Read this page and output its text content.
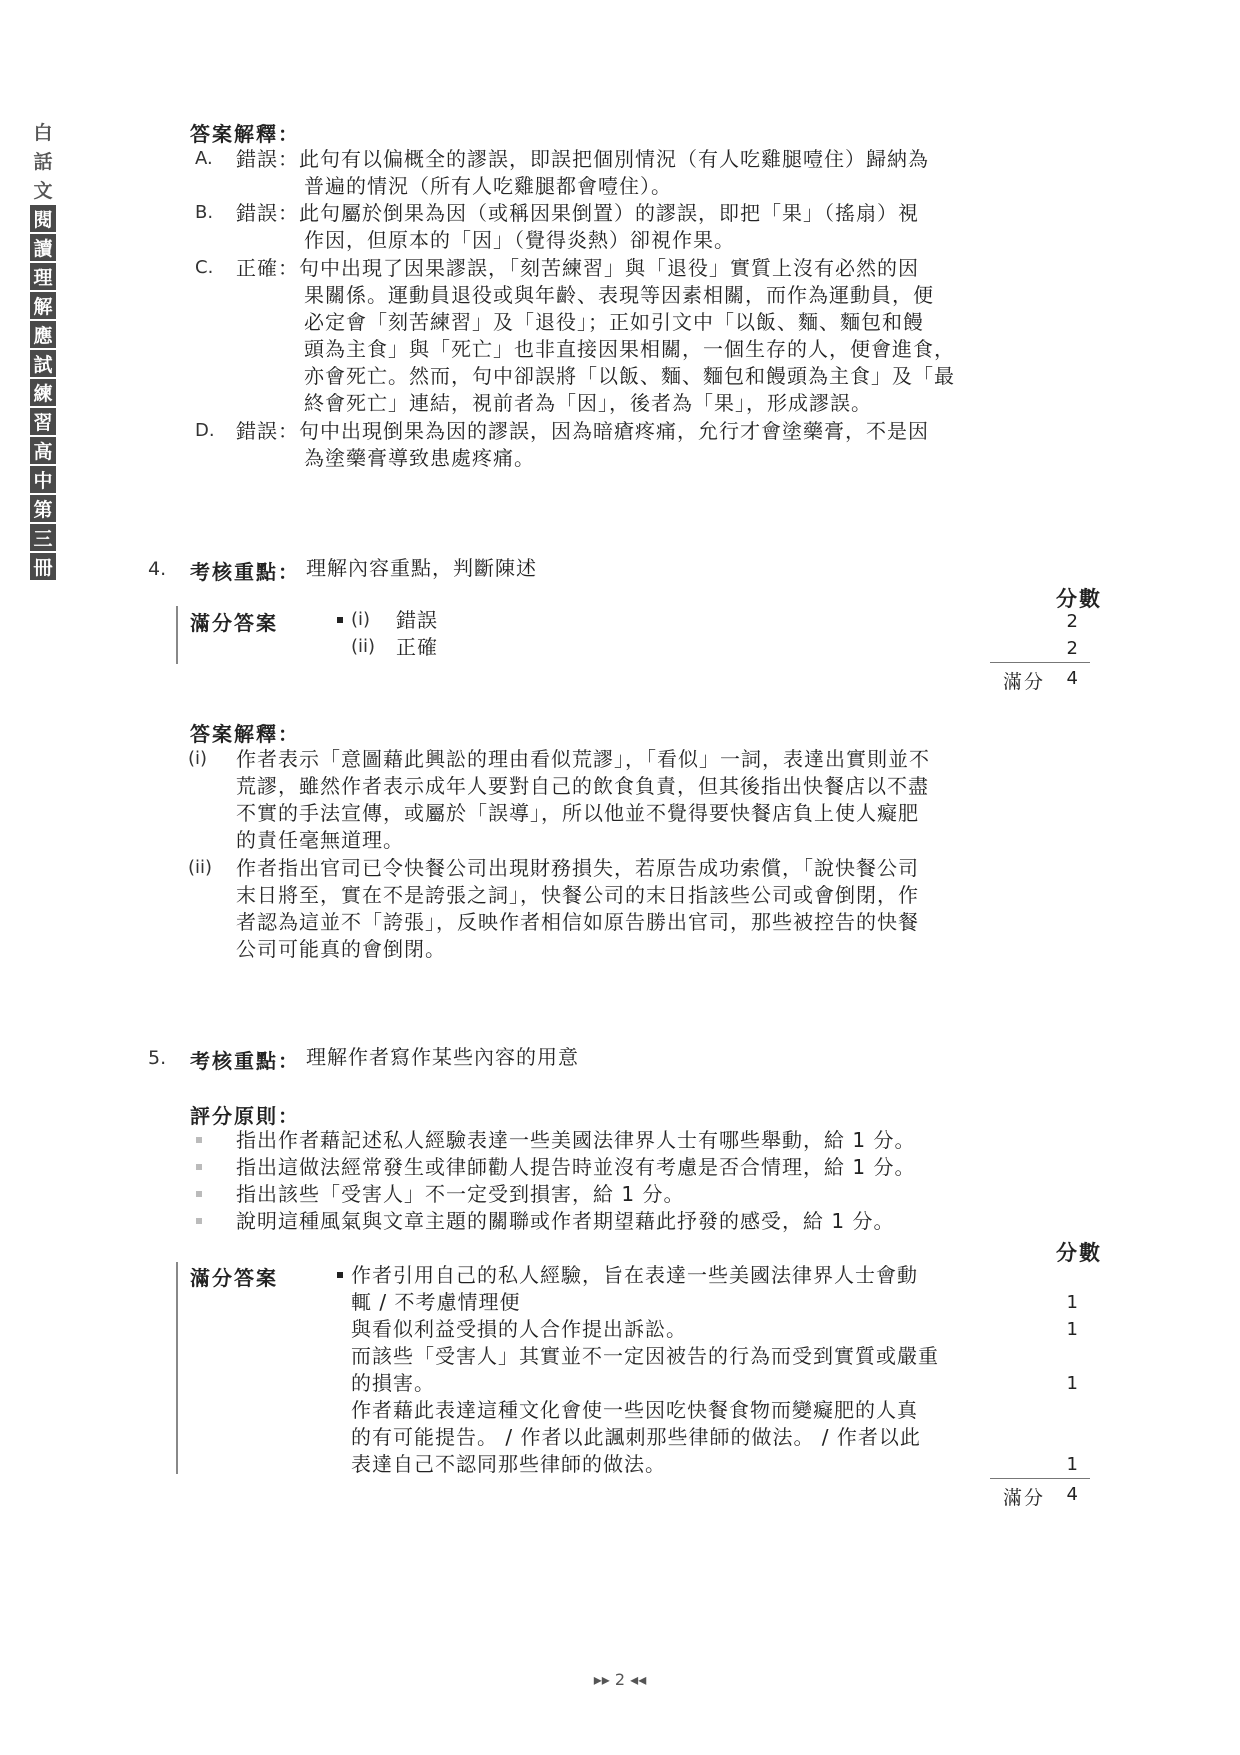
白
話
文
閱
讀
理
解
應
試
練
習
高
中
第
三
冊
答案解釋：
A. 錯誤：此句有以偏概全的謬誤，即誤把個別情況（有人吃雞腿噎住）歸納為
普遍的情況（所有人吃雞腿都會噎住）。
B. 錯誤：此句屬於倒果為因（或稱因果倒置）的謬誤，即把「果」（搖扇）視
作因，但原本的「因」（覺得炎熱）卻視作果。
C. 正確：句中出現了因果謬誤，「刻苦練習」與「退役」實質上沒有必然的因
果關係。運動員退役或與年齡、表現等因素相關，而作為運動員，便
必定會「刻苦練習」及「退役」；正如引文中「以飯、麵、麵包和饅
頭為主食」與「死亡」也非直接因果相關，一個生存的人，便會進食，
亦會死亡。然而，句中卻誤將「以飯、麵、麵包和饅頭為主食」及「最
終會死亡」連結，視前者為「因」，後者為「果」，形成謬誤。
D. 錯誤：句中出現倒果為因的謬誤，因為暗瘡疼痛，允行才會塗藥膏，不是因
為塗藥膏導致患處疼痛。
4. 考核重點： 理解內容重點，判斷陳述
分數
滿分答案	(i) 錯誤	2
(ii) 正確	2
滿分	4
答案解釋：
(i) 作者表示「意圖藉此興訟的理由看似荒謬」，「看似」一詞，表達出實則並不
荒謬，雖然作者表示成年人要對自己的飲食負責，但其後指出快餐店以不盡
不實的手法宣傳，或屬於「誤導」，所以他並不覺得要快餐店負上使人癡肥
的責任毫無道理。
(ii) 作者指出官司已令快餐公司出現財務損失，若原告成功索償，「說快餐公司
末日將至，實在不是誇張之詞」，快餐公司的末日指該些公司或會倒閉，作
者認為這並不「誇張」，反映作者相信如原告勝出官司，那些被控告的快餐
公司可能真的會倒閉。
5. 考核重點： 理解作者寫作某些內容的用意
評分原則：
指出作者藉記述私人經驗表達一些美國法律界人士有哪些舉動，給 1 分。
指出這做法經常發生或律師勸人提告時並沒有考慮是否合情理，給 1 分。
指出該些「受害人」不一定受到損害，給 1 分。
說明這種風氣與文章主題的關聯或作者期望藉此抒發的感受，給 1 分。
分數
滿分答案	作者引用自己的私人經驗，旨在表達一些美國法律界人士會動
輒 / 不考慮情理便	1
與看似利益受損的人合作提出訴訟。	1
而該些「受害人」其實並不一定因被告的行為而受到實質或嚴重
的損害。	1
作者藉此表達這種文化會使一些因吃快餐食物而變癡肥的人真
的有可能提告。 / 作者以此諷刺那些律師的做法。 / 作者以此
表達自己不認同那些律師的做法。	1
滿分	4
▸▸ 2 ◂◂
